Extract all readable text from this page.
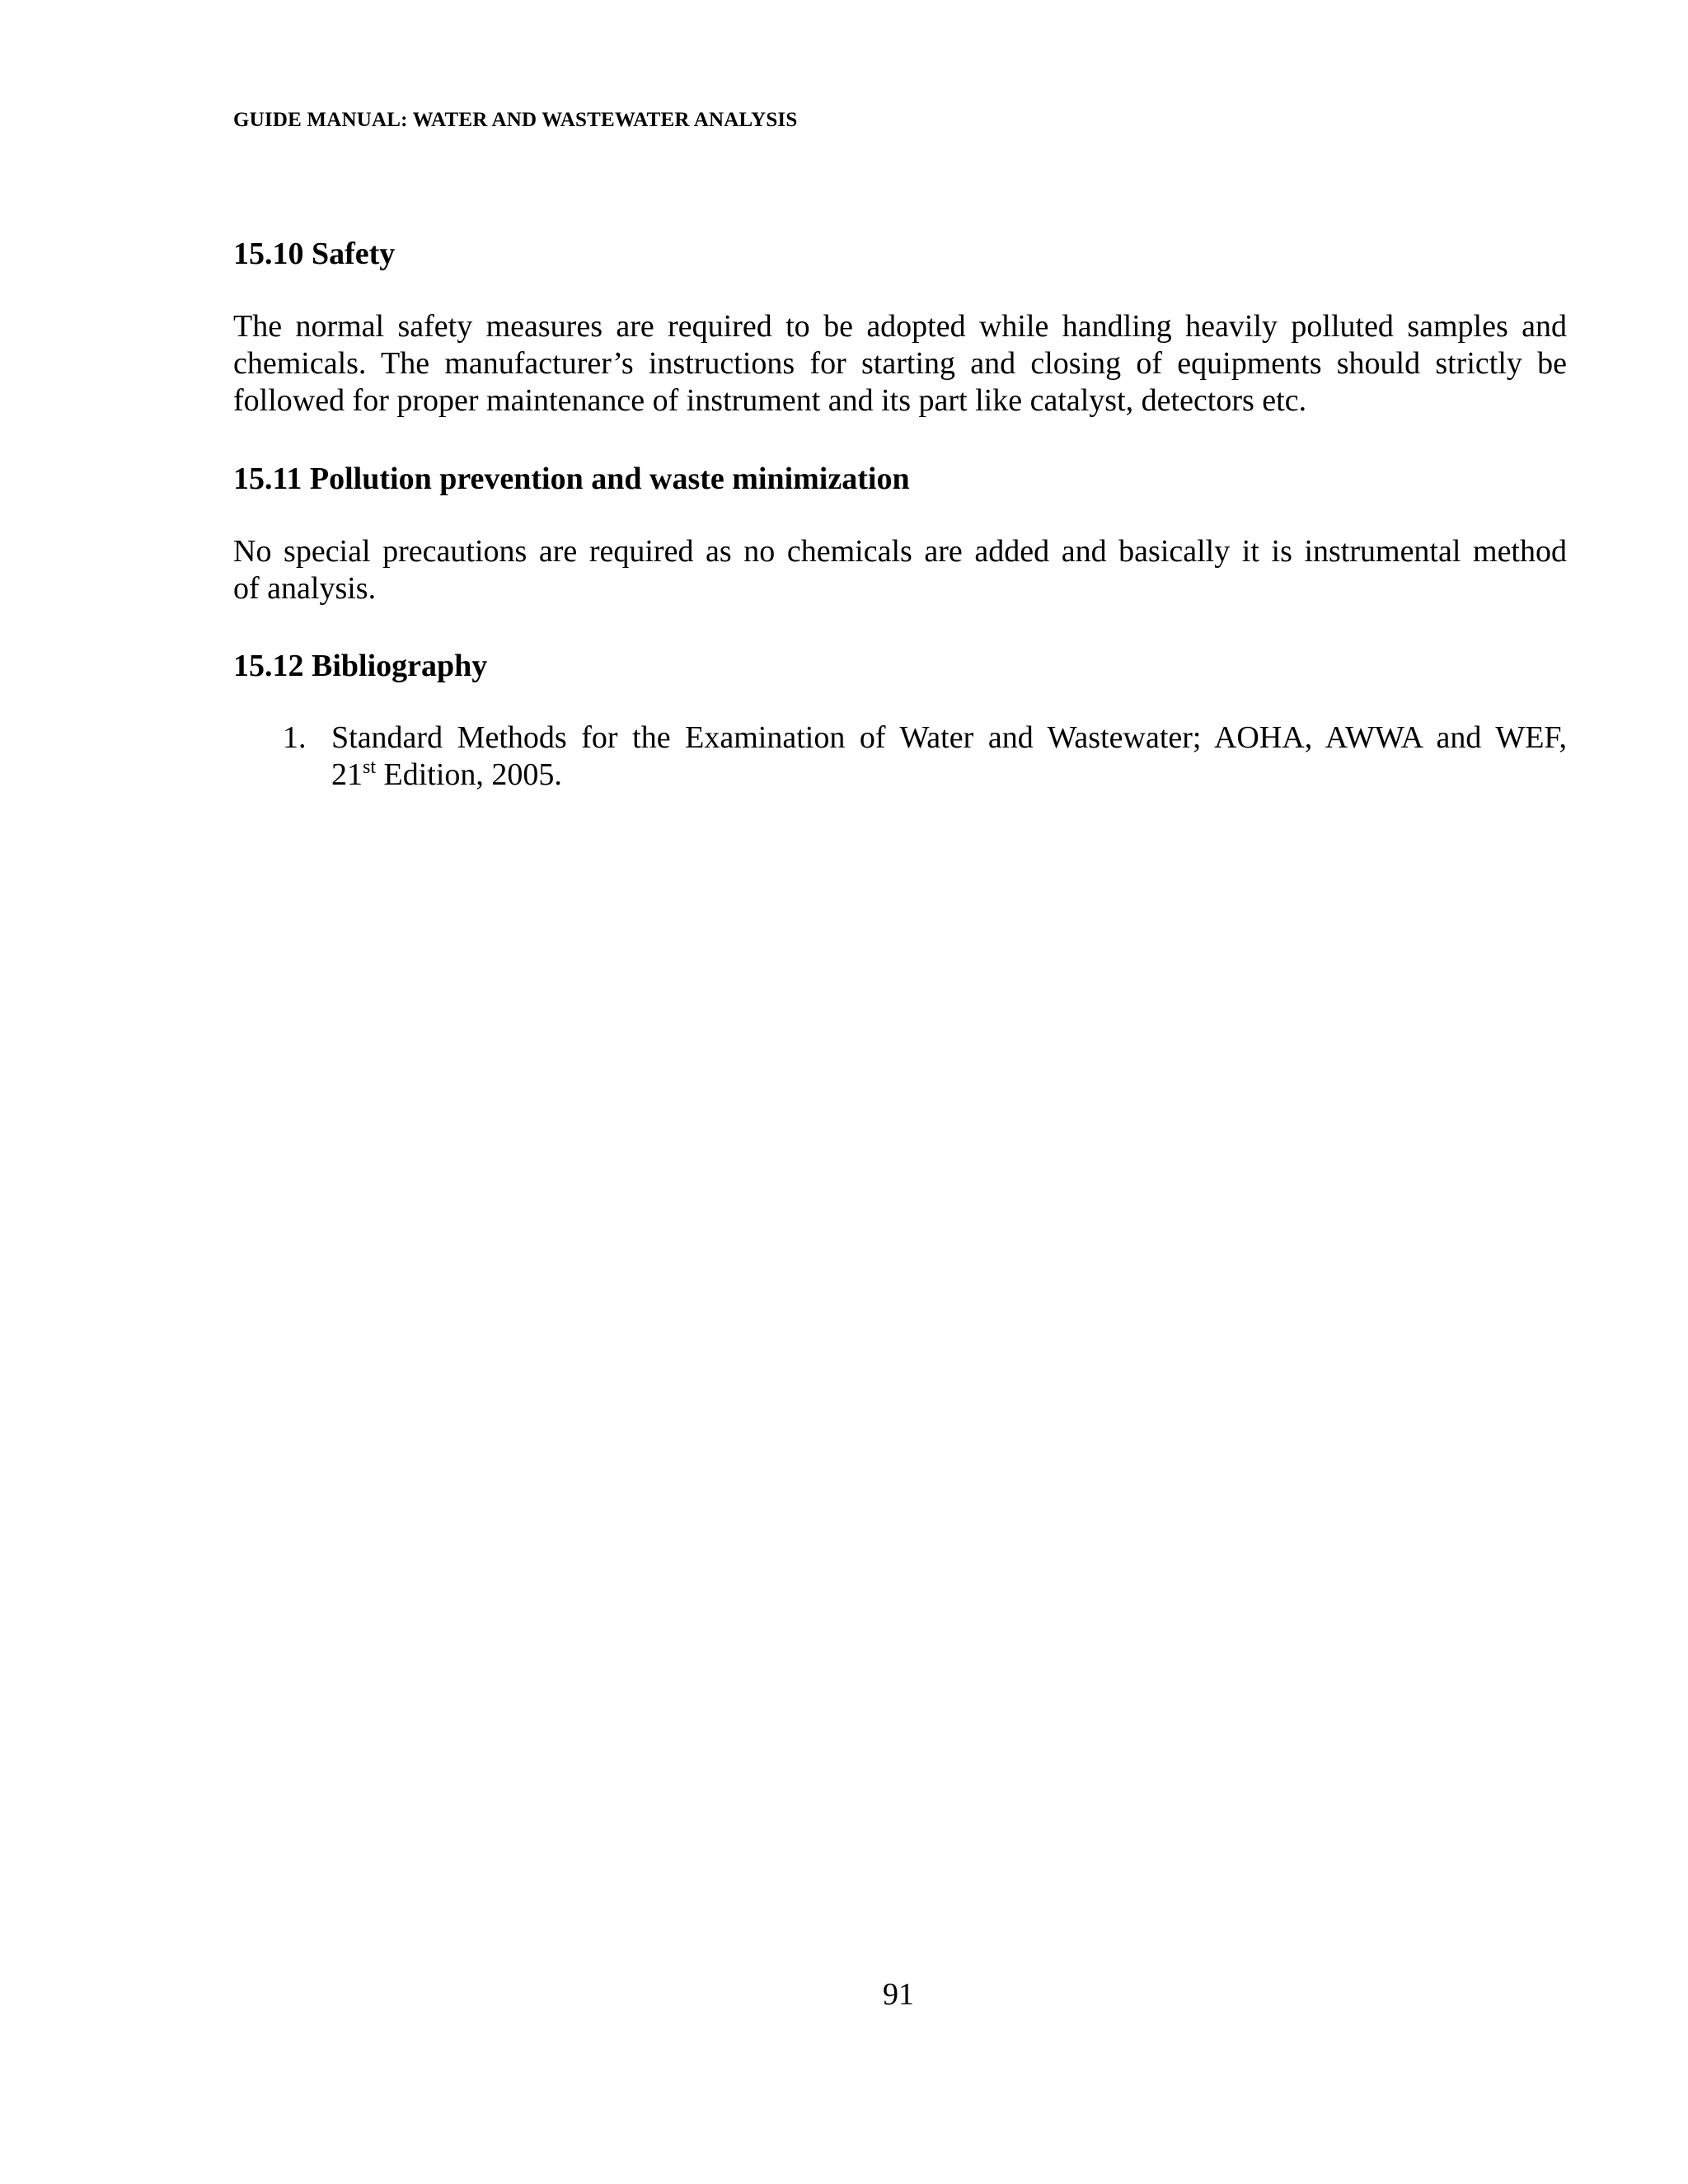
GUIDE MANUAL: WATER AND WASTEWATER ANALYSIS
15.10 Safety
The normal safety measures are required to be adopted while handling heavily polluted samples and
chemicals. The manufacturer’s instructions for starting and closing of equipments should strictly be
followed for proper maintenance of instrument and its part like catalyst, detectors etc.
15.11 Pollution prevention and waste minimization
No special precautions are required as no chemicals are added and basically it is instrumental method
of analysis.
15.12 Bibliography
1. Standard Methods for the Examination of Water and Wastewater; AOHA, AWWA and WEF,
21st Edition, 2005.
91
